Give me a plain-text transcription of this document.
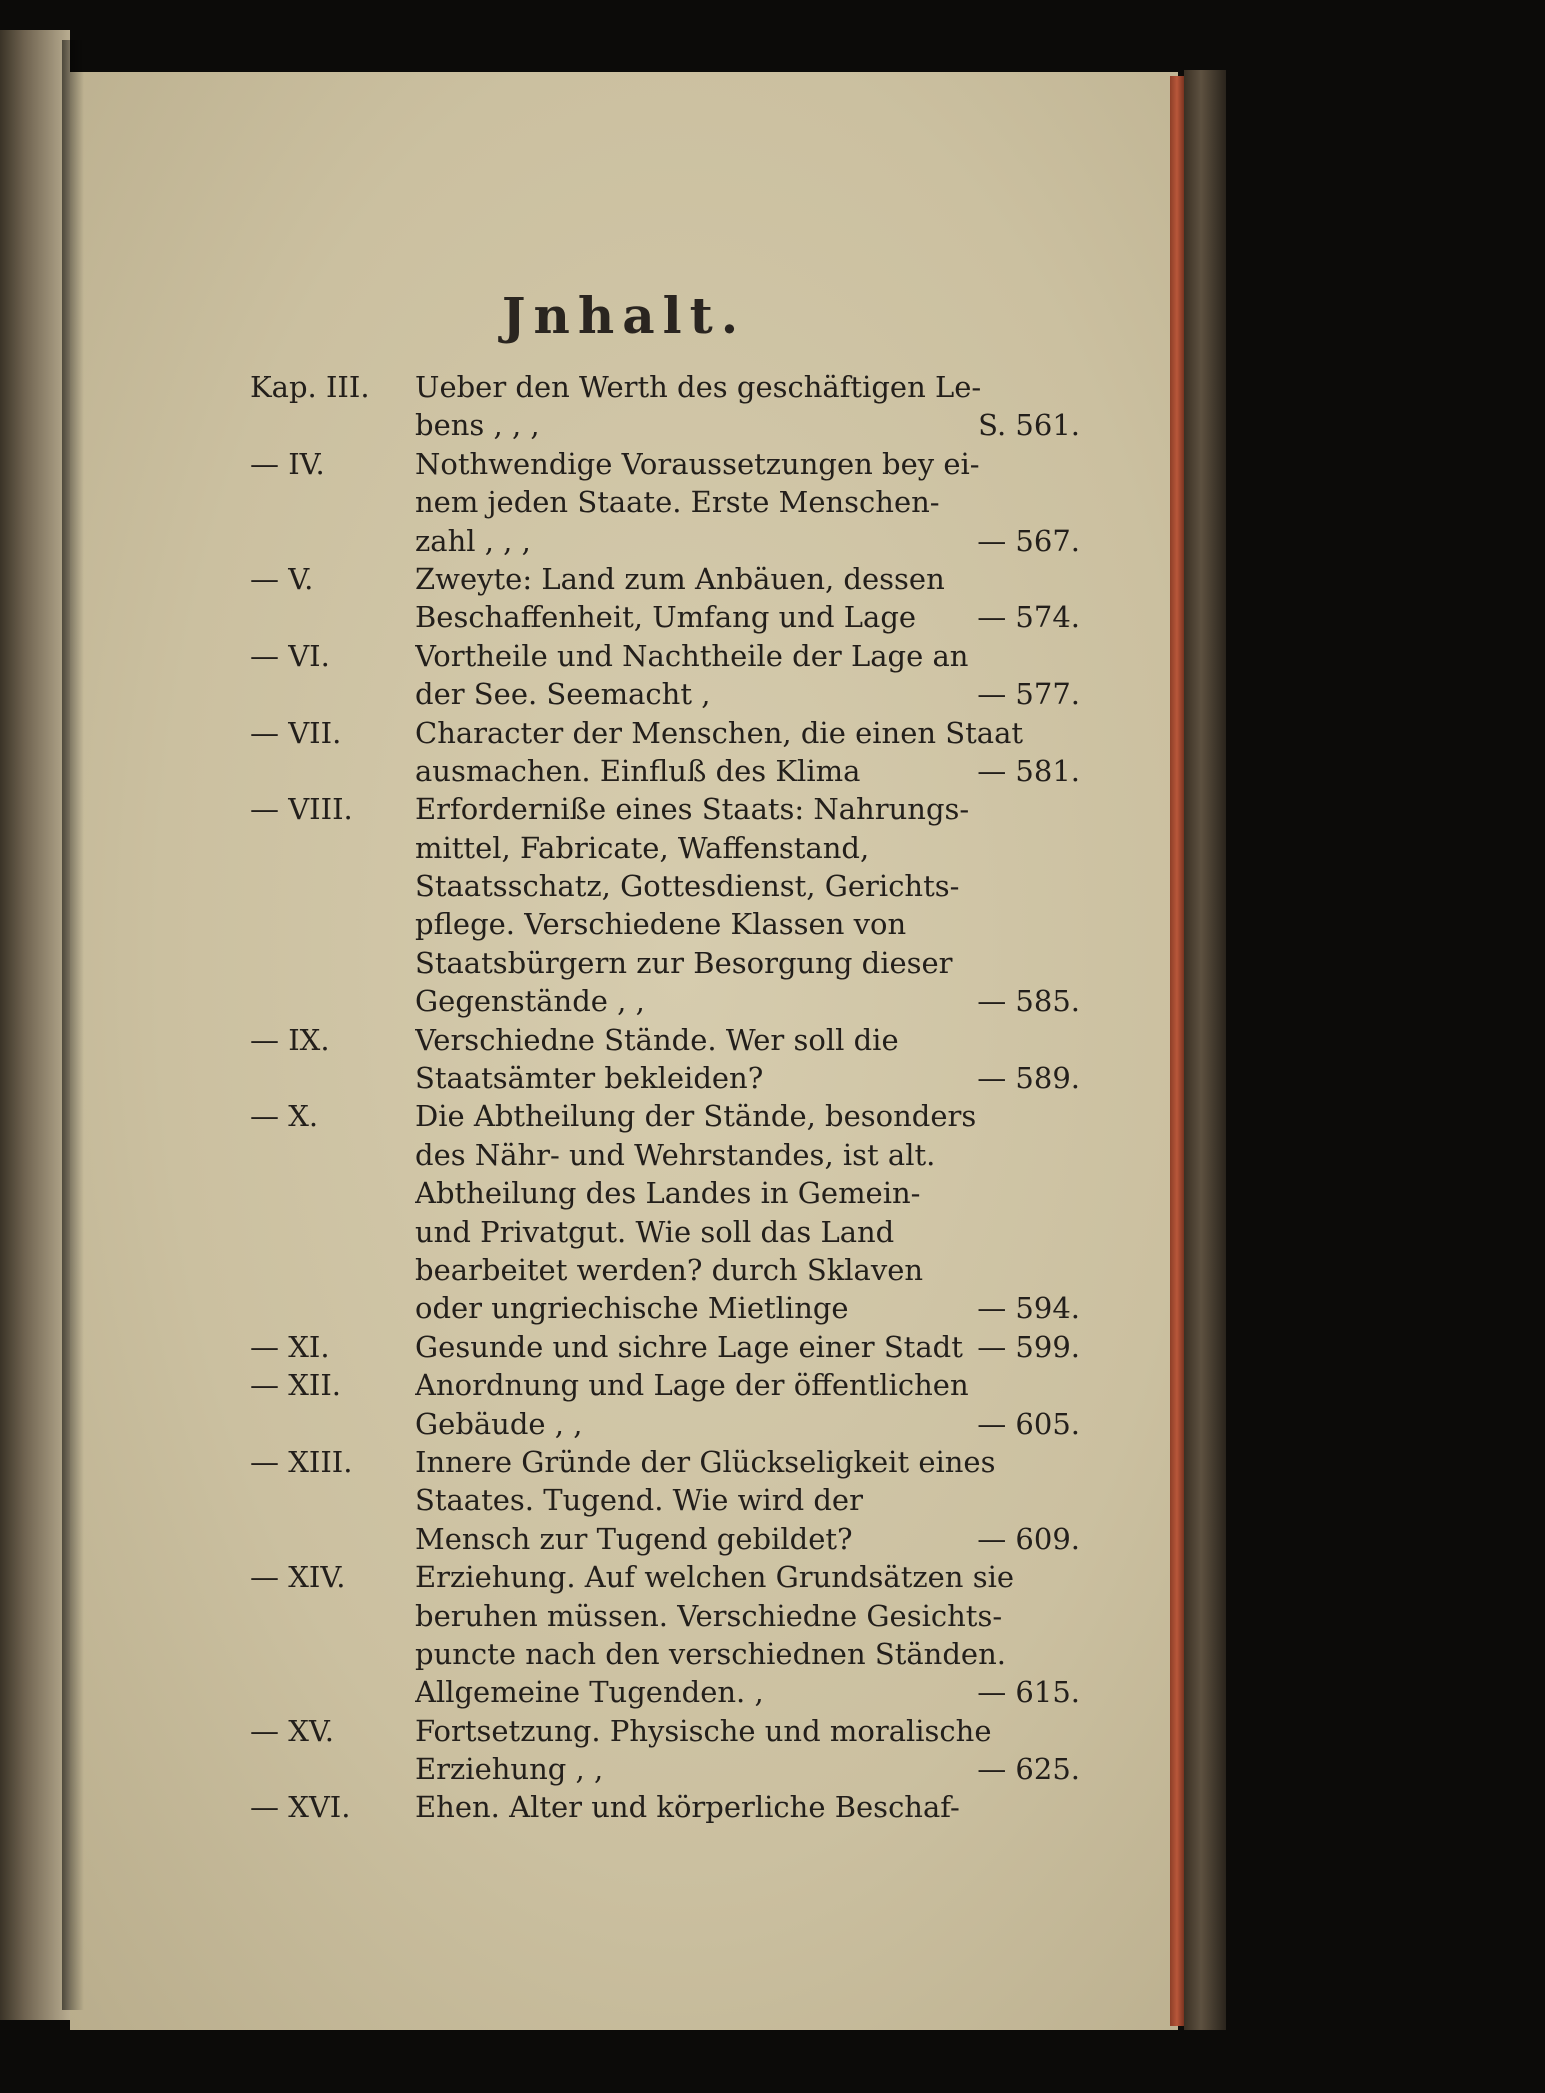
Jnhalt.
Kap. III.	Ueber den Werth des geschäftigen Le-
bens , , ,	S. 561.
— IV.	Nothwendige Voraussetzungen bey ei-
nem jeden Staate. Erste Menschen-
zahl , , ,	— 567.
— V.	Zweyte: Land zum Anbäuen, dessen
Beschaffenheit, Umfang und Lage — 574.
— VI.	Vortheile und Nachtheile der Lage an
der See. Seemacht ,	— 577.
— VII.	Character der Menschen, die einen Staat
ausmachen. Einfluß des Klima	— 581.
— VIII.	Erforderniße eines Staats: Nahrungs-
mittel, Fabricate, Waffenstand,
Staatsschatz, Gottesdienst, Gerichts-
pflege. Verschiedene Klassen von
Staatsbürgern zur Besorgung dieser
Gegenstände , ,	— 585.
— IX.	Verschiedne Stände. Wer soll die
Staatsämter bekleiden?	— 589.
— X.	Die Abtheilung der Stände, besonders
des Nähr- und Wehrstandes, ist alt.
Abtheilung des Landes in Gemein-
und Privatgut. Wie soll das Land
bearbeitet werden? durch Sklaven
oder ungriechische Mietlinge	— 594.
— XI.	Gesunde und sichre Lage einer Stadt — 599.
— XII.	Anordnung und Lage der öffentlichen
Gebäude , ,	— 605.
— XIII.	Innere Gründe der Glückseligkeit eines
Staates. Tugend. Wie wird der
Mensch zur Tugend gebildet?	— 609.
— XIV.	Erziehung. Auf welchen Grundsätzen sie
beruhen müssen. Verschiedne Gesichts-
puncte nach den verschiednen Ständen.
Allgemeine Tugenden. ,	— 615.
— XV.	Fortsetzung. Physische und moralische
Erziehung , ,	— 625.
— XVI.	Ehen. Alter und körperliche Beschaf-
